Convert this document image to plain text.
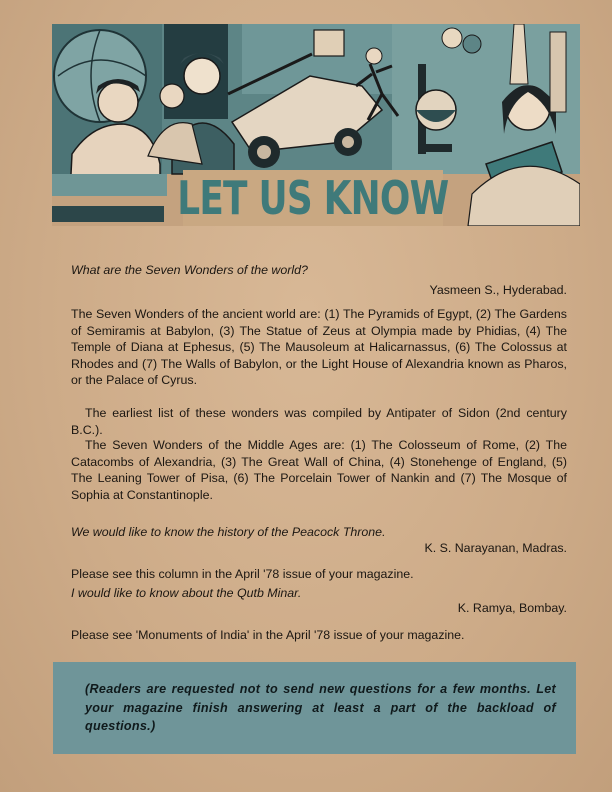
LET US KNOW
What are the Seven Wonders of the world?
Yasmeen S., Hyderabad.
The Seven Wonders of the ancient world are: (1) The Pyramids of Egypt, (2) The Gardens of Semiramis at Babylon, (3) The Statue of Zeus at Olympia made by Phidias, (4) The Temple of Diana at Ephesus, (5) The Mausoleum at Halicarnassus, (6) The Colossus at Rhodes and (7) The Walls of Babylon, or the Light House of Alexandria known as Pharos, or the Palace of Cyrus.
The earliest list of these wonders was compiled by Antipater of Sidon (2nd century B.C.).
The Seven Wonders of the Middle Ages are: (1) The Colosseum of Rome, (2) The Catacombs of Alexandria, (3) The Great Wall of China, (4) Stonehenge of England, (5) The Leaning Tower of Pisa, (6) The Porcelain Tower of Nankin and (7) The Mosque of Sophia at Constantinople.
We would like to know the history of the Peacock Throne.
K. S. Narayanan, Madras.
Please see this column in the April '78 issue of your magazine.
I would like to know about the Qutb Minar.
K. Ramya, Bombay.
Please see 'Monuments of India' in the April '78 issue of your magazine.

(Readers are requested not to send new questions for a few months. Let your magazine finish answering at least a part of the backload of questions.)
